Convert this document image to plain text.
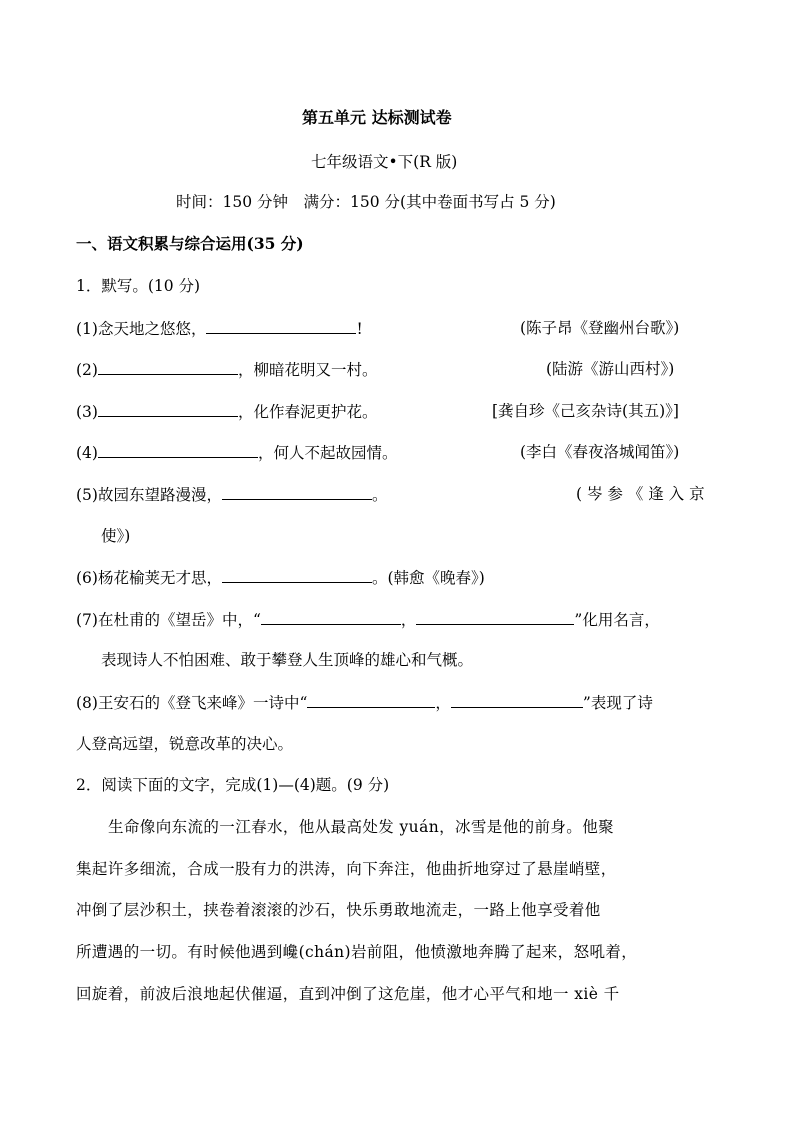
第五单元 达标测试卷
七年级语文•下(R 版)
时间：150 分钟　满分：150 分(其中卷面书写占 5 分)
一、语文积累与综合运用(35 分)
1．默写。(10 分)
(1)念天地之悠悠，	!	(陈子昂《登幽州台歌》)
(2)	，柳暗花明又一村。	(陆游《游山西村》)
(3)	，化作春泥更护花。	[龚自珍《己亥杂诗(其五)》]
(4)	，何人不起故园情。	(李白《春夜洛城闻笛》)
(5)故园东望路漫漫，	。	( 岑 参 《 逢 入 京
使》)
(6)杨花榆荚无才思，	。(韩愈《晚春》)
(7)在杜甫的《望岳》中，“	，	”化用名言，
表现诗人不怕困难、敢于攀登人生顶峰的雄心和气概。
(8)王安石的《登飞来峰》一诗中“	，	”表现了诗
人登高远望，锐意改革的决心。
2．阅读下面的文字，完成(1)—(4)题。(9 分)
生命像向东流的一江春水，他从最高处发 yuán，冰雪是他的前身。他聚
集起许多细流，合成一股有力的洪涛，向下奔注，他曲折地穿过了悬崖峭壁，
冲倒了层沙积土，挟卷着滚滚的沙石，快乐勇敢地流走，一路上他享受着他
所遭遇的一切。有时候他遇到巉(chán)岩前阻，他愤激地奔腾了起来，怒吼着，
回旋着，前波后浪地起伏催逼，直到冲倒了这危崖，他才心平气和地一 xiè 千
